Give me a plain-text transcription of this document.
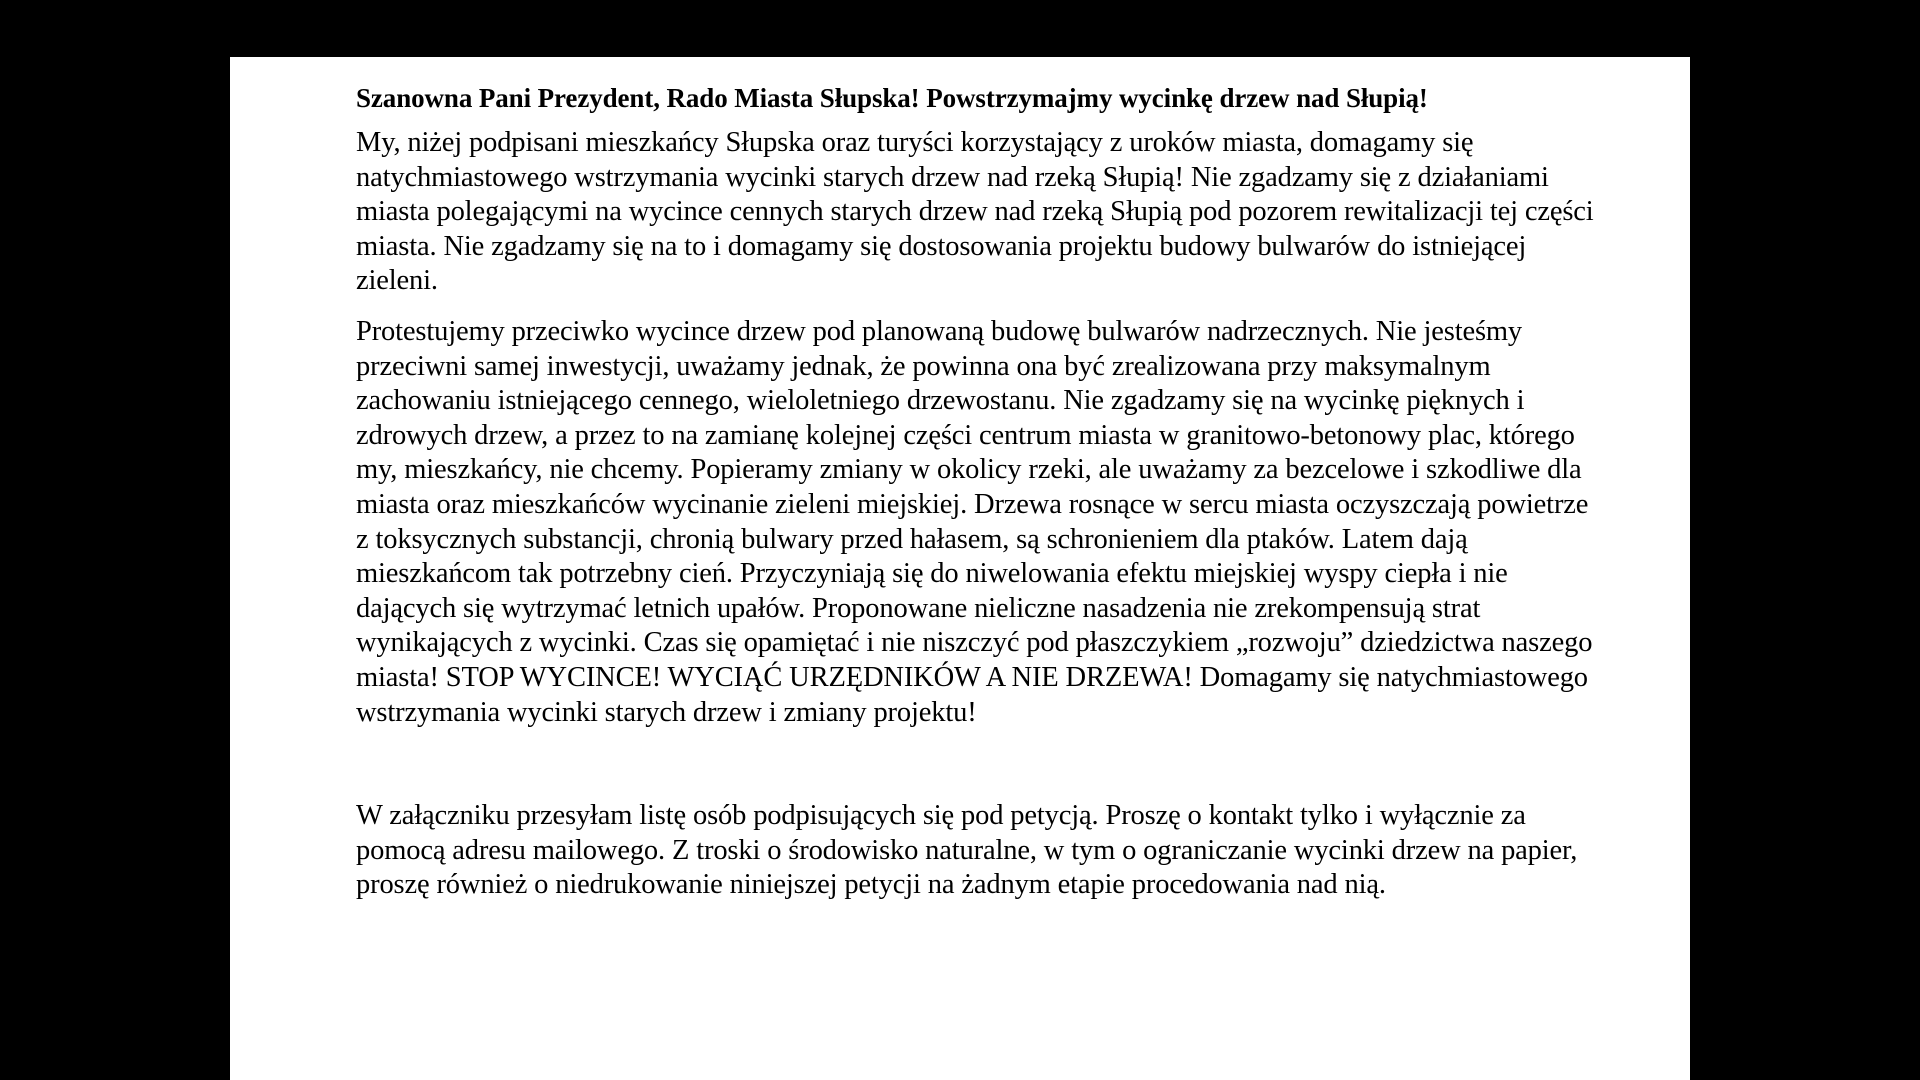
Szanowna Pani Prezydent, Rado Miasta Słupska! Powstrzymajmy wycinkę drzew nad Słupią!

My, niżej podpisani mieszkańcy Słupska oraz turyści korzystający z uroków miasta, domagamy się natychmiastowego wstrzymania wycinki starych drzew nad rzeką Słupią! Nie zgadzamy się z działaniami miasta polegającymi na wycince cennych starych drzew nad rzeką Słupią pod pozorem rewitalizacji tej części miasta. Nie zgadzamy się na to i domagamy się dostosowania projektu budowy bulwarów do istniejącej zieleni.

Protestujemy przeciwko wycince drzew pod planowaną budowę bulwarów nadrzecznych. Nie jesteśmy przeciwni samej inwestycji, uważamy jednak, że powinna ona być zrealizowana przy maksymalnym zachowaniu istniejącego cennego, wieloletniego drzewostanu. Nie zgadzamy się na wycinkę pięknych i zdrowych drzew, a przez to na zamianę kolejnej części centrum miasta w granitowo-betonowy plac, którego my, mieszkańcy, nie chcemy. Popieramy zmiany w okolicy rzeki, ale uważamy za bezcelowe i szkodliwe dla miasta oraz mieszkańców wycinanie zieleni miejskiej. Drzewa rosnące w sercu miasta oczyszczają powietrze z toksycznych substancji, chronią bulwary przed hałasem, są schronieniem dla ptaków. Latem dają mieszkańcom tak potrzebny cień. Przyczyniają się do niwelowania efektu miejskiej wyspy ciepła i nie dających się wytrzymać letnich upałów. Proponowane nieliczne nasadzenia nie zrekompensują strat wynikających z wycinki. Czas się opamiętać i nie niszczyć pod płaszczykiem „rozwoju” dziedzictwa naszego miasta! STOP WYCINCE! WYCIĄĆ URZĘDNIKÓW A NIE DRZEWA! Domagamy się natychmiastowego wstrzymania wycinki starych drzew i zmiany projektu!

W załączniku przesyłam listę osób podpisujących się pod petycją. Proszę o kontakt tylko i wyłącznie za pomocą adresu mailowego. Z troski o środowisko naturalne, w tym o ograniczanie wycinki drzew na papier, proszę również o niedrukowanie niniejszej petycji na żadnym etapie procedowania nad nią.
